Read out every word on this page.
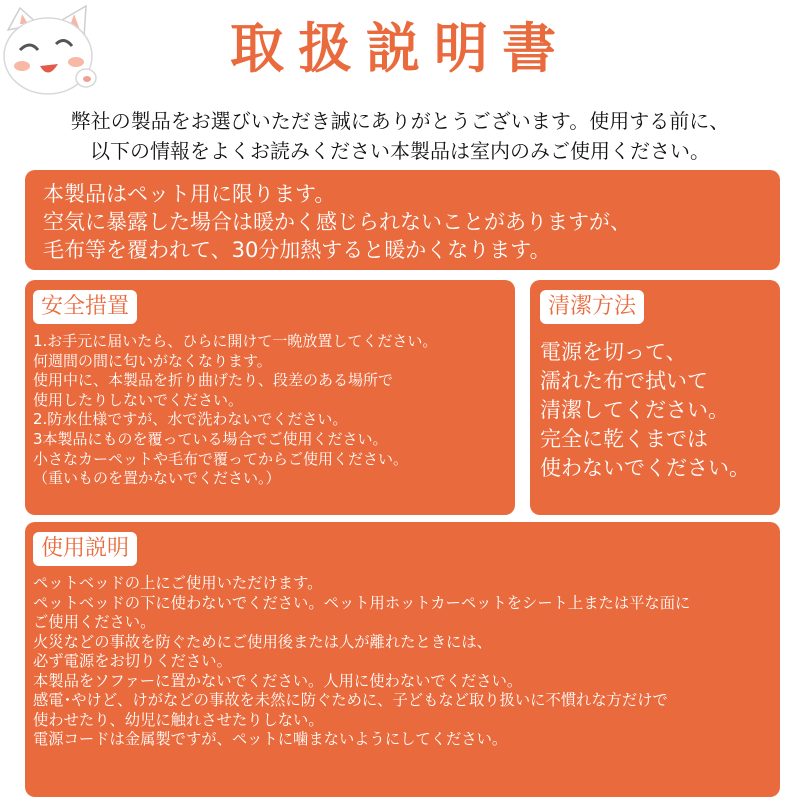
取扱説明書
弊社の製品をお選びいただき誠にありがとうございます。使用する前に、
以下の情報をよくお読みください本製品は室内のみご使用ください。
本製品はペット用に限ります。
空気に暴露した場合は暖かく感じられないことがありますが、
毛布等を覆われて、30分加熱すると暖かくなります。
安全措置
1.お手元に届いたら、ひらに開けて一晩放置してください。
何週間の間に匂いがなくなります。
使用中に、本製品を折り曲げたり、段差のある場所で
使用したりしないでください。
2.防水仕様ですが、水で洗わないでください。
3本製品にものを覆っている場合でご使用ください。
小さなカーペットや毛布で覆ってからご使用ください。
（重いものを置かないでください。）
清潔方法
電源を切って、
濡れた布で拭いて
清潔してください。
完全に乾くまでは
使わないでください。
使用説明
ペットベッドの上にご使用いただけます。
ペットベッドの下に使わないでください。ペット用ホットカーペットをシート上または平な面に
ご使用ください。
火災などの事故を防ぐためにご使用後または人が離れたときには、
必ず電源をお切りください。
本製品をソファーに置かないでください。人用に使わないでください。
感電･やけど、けがなどの事故を未然に防ぐために、子どもなど取り扱いに不慣れな方だけで
使わせたり、幼児に触れさせたりしない。
電源コードは金属製ですが、ペットに噛まないようにしてください。
